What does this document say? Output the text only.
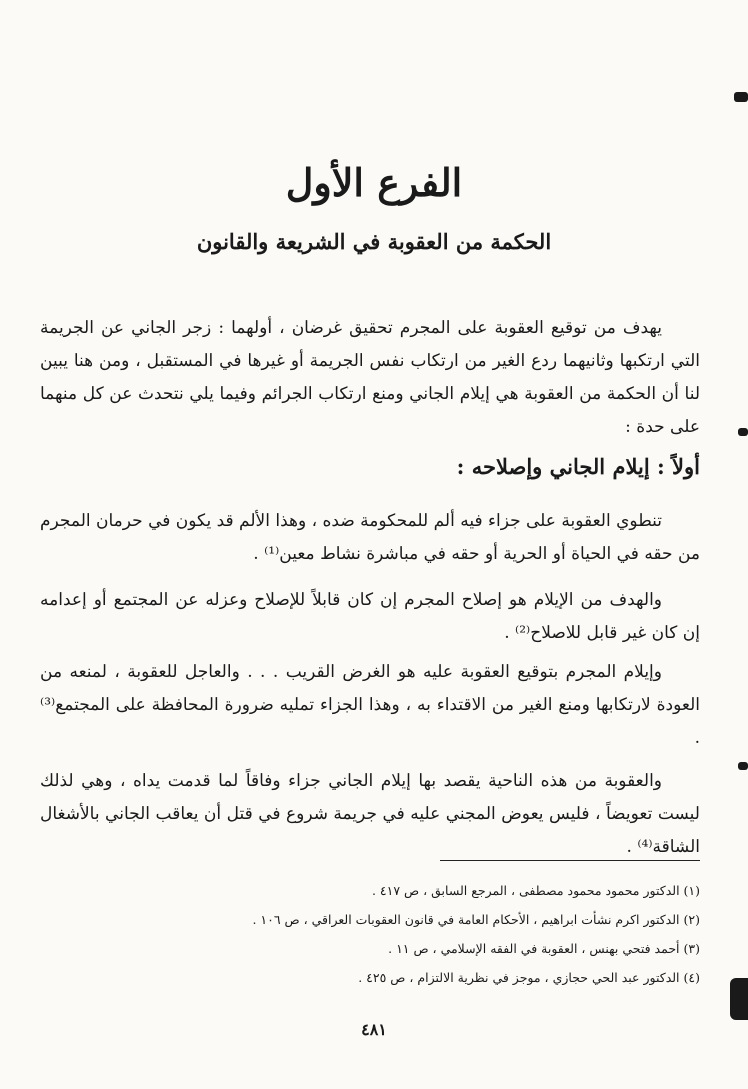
الفرع الأول
الحكمة من العقوبة في الشريعة والقانون

يهدف من توقيع العقوبة على المجرم تحقيق غرضان ، أولهما : زجر الجاني عن الجريمة التي ارتكبها وثانيهما ردع الغير من ارتكاب نفس الجريمة أو غيرها في المستقبل ، ومن هنا يبين لنا أن الحكمة من العقوبة هي إيلام الجاني ومنع ارتكاب الجرائم وفيما يلي نتحدث عن كل منهما على حدة :

أولاً : إيلام الجاني وإصلاحه :

تنطوي العقوبة على جزاء فيه ألم للمحكومة ضده ، وهذا الألم قد يكون في حرمان المجرم من حقه في الحياة أو الحرية أو حقه في مباشرة نشاط معين⁽¹⁾ .

والهدف من الإيلام هو إصلاح المجرم إن كان قابلاً للإصلاح وعزله عن المجتمع أو إعدامه إن كان غير قابل للاصلاح⁽²⁾ .

وإيلام المجرم بتوقيع العقوبة عليه هو الغرض القريب . . . والعاجل للعقوبة ، لمنعه من العودة لارتكابها ومنع الغير من الاقتداء به ، وهذا الجزاء تمليه ضرورة المحافظة على المجتمع⁽³⁾ .

والعقوبة من هذه الناحية يقصد بها إيلام الجاني جزاء وفاقاً لما قدمت يداه ، وهي لذلك ليست تعويضاً ، فليس يعوض المجني عليه في جريمة شروع في قتل أن يعاقب الجاني بالأشغال الشاقة⁽⁴⁾ .

(١) الدكتور محمود محمود مصطفى ، المرجع السابق ، ص ٤١٧ .
(٢) الدكتور اكرم نشأت ابراهيم ، الأحكام العامة في قانون العقوبات العراقي ، ص ١٠٦ .
(٣) أحمد فتحي بهنس ، العقوبة في الفقه الإسلامي ، ص ١١ .
(٤) الدكتور عبد الحي حجازي ، موجز في نظرية الالتزام ، ص ٤٢٥ .
٤٨١
